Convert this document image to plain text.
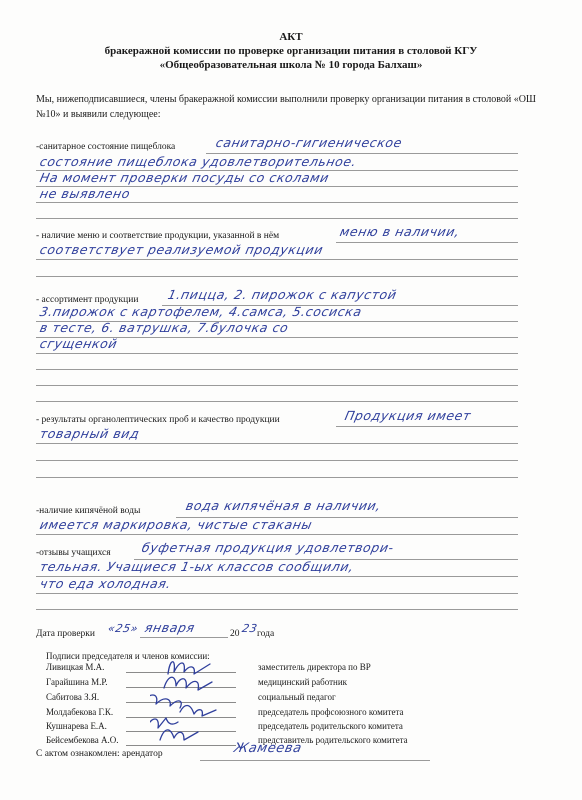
АКТ
бракеражной комиссии по проверке организации питания в столовой КГУ
«Общеобразовательная школа № 10 города Балхаш»
Мы, нижеподписавшиеся, члены бракеражной комиссии выполнили проверку организации питания в столовой «ОШ №10» и выявили следующее:
-санитарное состояние пищеблока	санитарно-гигиеническое
состояние пищеблока удовлетворительное.
На момент проверки посуды со сколами
не выявлено
- наличие меню и соответствие продукции, указанной в нём	меню в наличии,
соответствует реализуемой продукции
- ассортимент продукции 1.пицца, 2. пирожок с капустой
3.пирожок с картофелем, 4.самса, 5.сосиска
в тесте, 6. ватрушка, 7.булочка со
сгущенкой
- результаты органолептических проб и качество продукции	Продукция имеет
товарный вид
-наличие кипячёной воды	вода кипячёная в наличии,
имеется маркировка, чистые стаканы
-отзывы учащихся буфетная продукция удовлетвори-
тельная. Учащиеся 1-ых классов сообщили,
что еда холодная.
Дата проверки «25» января	20 23
года
Подписи председателя и членов комиссии:
Ливицкая М.А.	заместитель директора по ВР
Гарайшина М.Р.	медицинский работник
Сабитова З.Я.	социальный педагог
Молдабекова Г.К.	председатель профсоюзного комитета
Кушнарева Е.А.	председатель родительского комитета
Бейсембекова А.О.	представитель родительского комитета
С актом ознакомлен: арендатор	Жамеева
